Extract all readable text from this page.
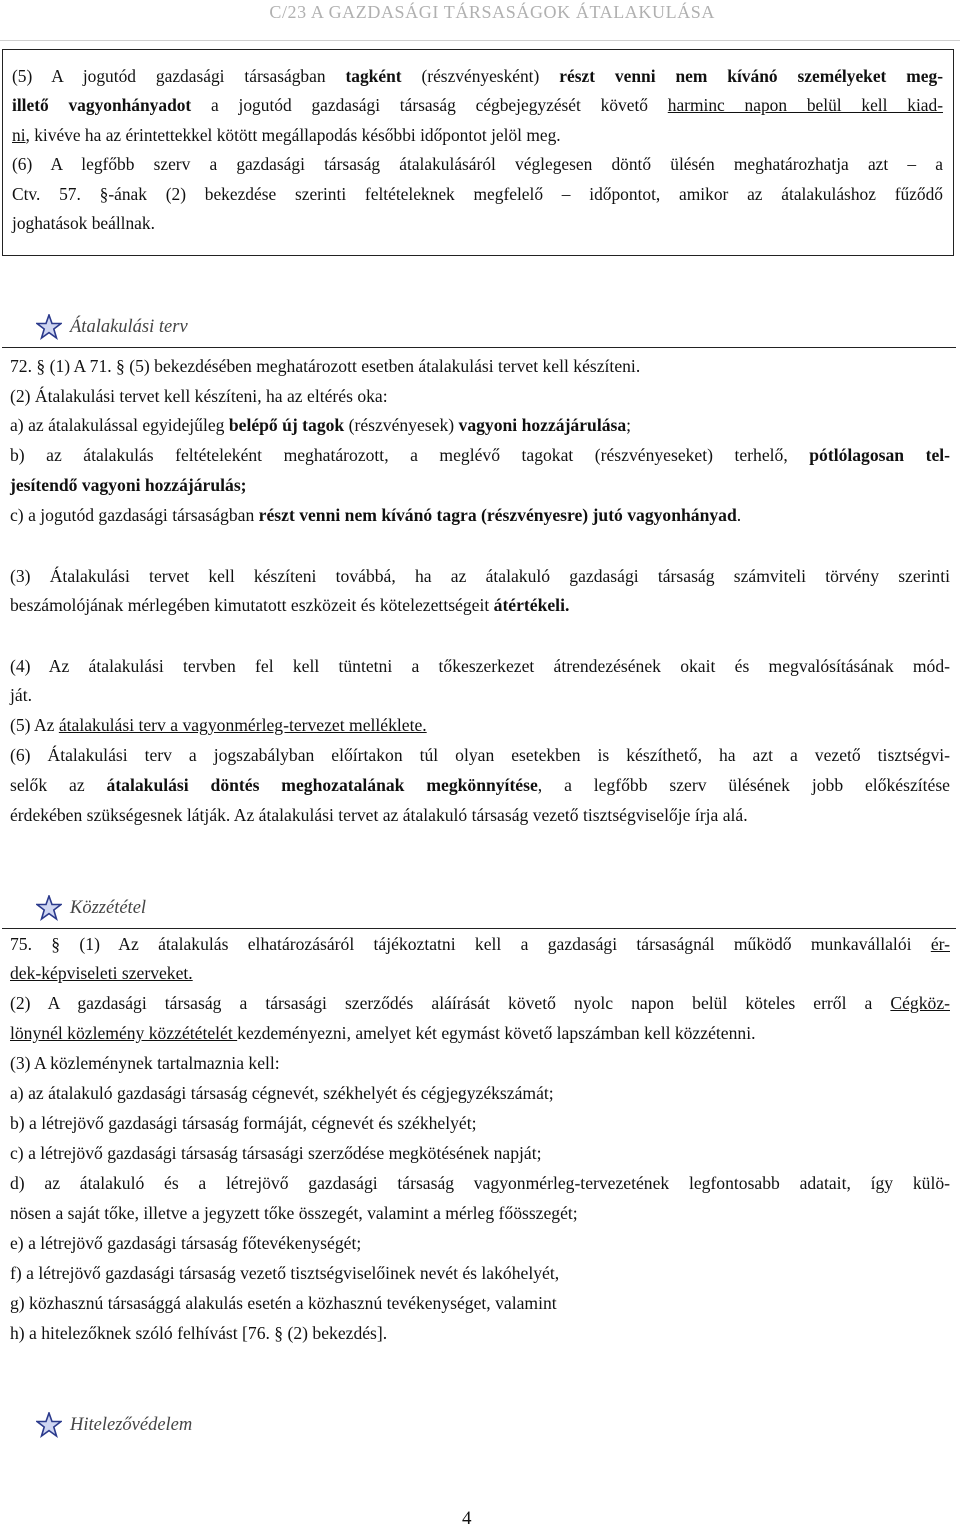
C/23 A GAZDASÁGI TÁRSASÁGOK ÁTALAKULÁSA

(5) A jogutód gazdasági társaságban tagként (részvényesként) részt venni nem kívánó személyeket meg-

illető vagyonhányadot a jogutód gazdasági társaság cégbejegyzését követő harminc napon belül kell kiad-

ni, kivéve ha az érintettekkel kötött megállapodás későbbi időpontot jelöl meg.

(6) A legfőbb szerv a gazdasági társaság átalakulásáról véglegesen döntő ülésén meghatározhatja azt – a

Ctv. 57. §-ának (2) bekezdése szerinti feltételeknek megfelelő – időpontot, amikor az átalakuláshoz fűződő

joghatások beállnak.

Átalakulási terv

72. § (1) A 71. § (5) bekezdésében meghatározott esetben átalakulási tervet kell készíteni.

(2) Átalakulási tervet kell készíteni, ha az eltérés oka:

a) az átalakulással egyidejűleg belépő új tagok (részvényesek) vagyoni hozzájárulása;

b) az átalakulás feltételeként meghatározott, a meglévő tagokat (részvényeseket) terhelő, pótlólagosan tel-

jesítendő vagyoni hozzájárulás;

c) a jogutód gazdasági társaságban részt venni nem kívánó tagra (részvényesre) jutó vagyonhányad.

(3) Átalakulási tervet kell készíteni továbbá, ha az átalakuló gazdasági társaság számviteli törvény szerinti

beszámolójának mérlegében kimutatott eszközeit és kötelezettségeit átértékeli.

(4) Az átalakulási tervben fel kell tüntetni a tőkeszerkezet átrendezésének okait és megvalósításának mód-

ját.

(5) Az átalakulási terv a vagyonmérleg-tervezet melléklete.

(6) Átalakulási terv a jogszabályban előírtakon túl olyan esetekben is készíthető, ha azt a vezető tisztségvi-

selők az átalakulási döntés meghozatalának megkönnyítése, a legfőbb szerv ülésének jobb előkészítése

érdekében szükségesnek látják. Az átalakulási tervet az átalakuló társaság vezető tisztségviselője írja alá.

Közzététel

75. § (1) Az átalakulás elhatározásáról tájékoztatni kell a gazdasági társaságnál működő munkavállalói ér-

dek-képviseleti szerveket.

(2) A gazdasági társaság a társasági szerződés aláírását követő nyolc napon belül köteles erről a Cégköz-

lönynél közlemény közzétételét kezdeményezni, amelyet két egymást követő lapszámban kell közzétenni.

(3) A közleménynek tartalmaznia kell:

a) az átalakuló gazdasági társaság cégnevét, székhelyét és cégjegyzékszámát;

b) a létrejövő gazdasági társaság formáját, cégnevét és székhelyét;

c) a létrejövő gazdasági társaság társasági szerződése megkötésének napját;

d) az átalakuló és a létrejövő gazdasági társaság vagyonmérleg-tervezetének legfontosabb adatait, így külö-

nösen a saját tőke, illetve a jegyzett tőke összegét, valamint a mérleg főösszegét;

e) a létrejövő gazdasági társaság főtevékenységét;

f) a létrejövő gazdasági társaság vezető tisztségviselőinek nevét és lakóhelyét,

g) közhasznú társasággá alakulás esetén a közhasznú tevékenységet, valamint

h) a hitelezőknek szóló felhívást [76. § (2) bekezdés].

Hitelezővédelem
4
